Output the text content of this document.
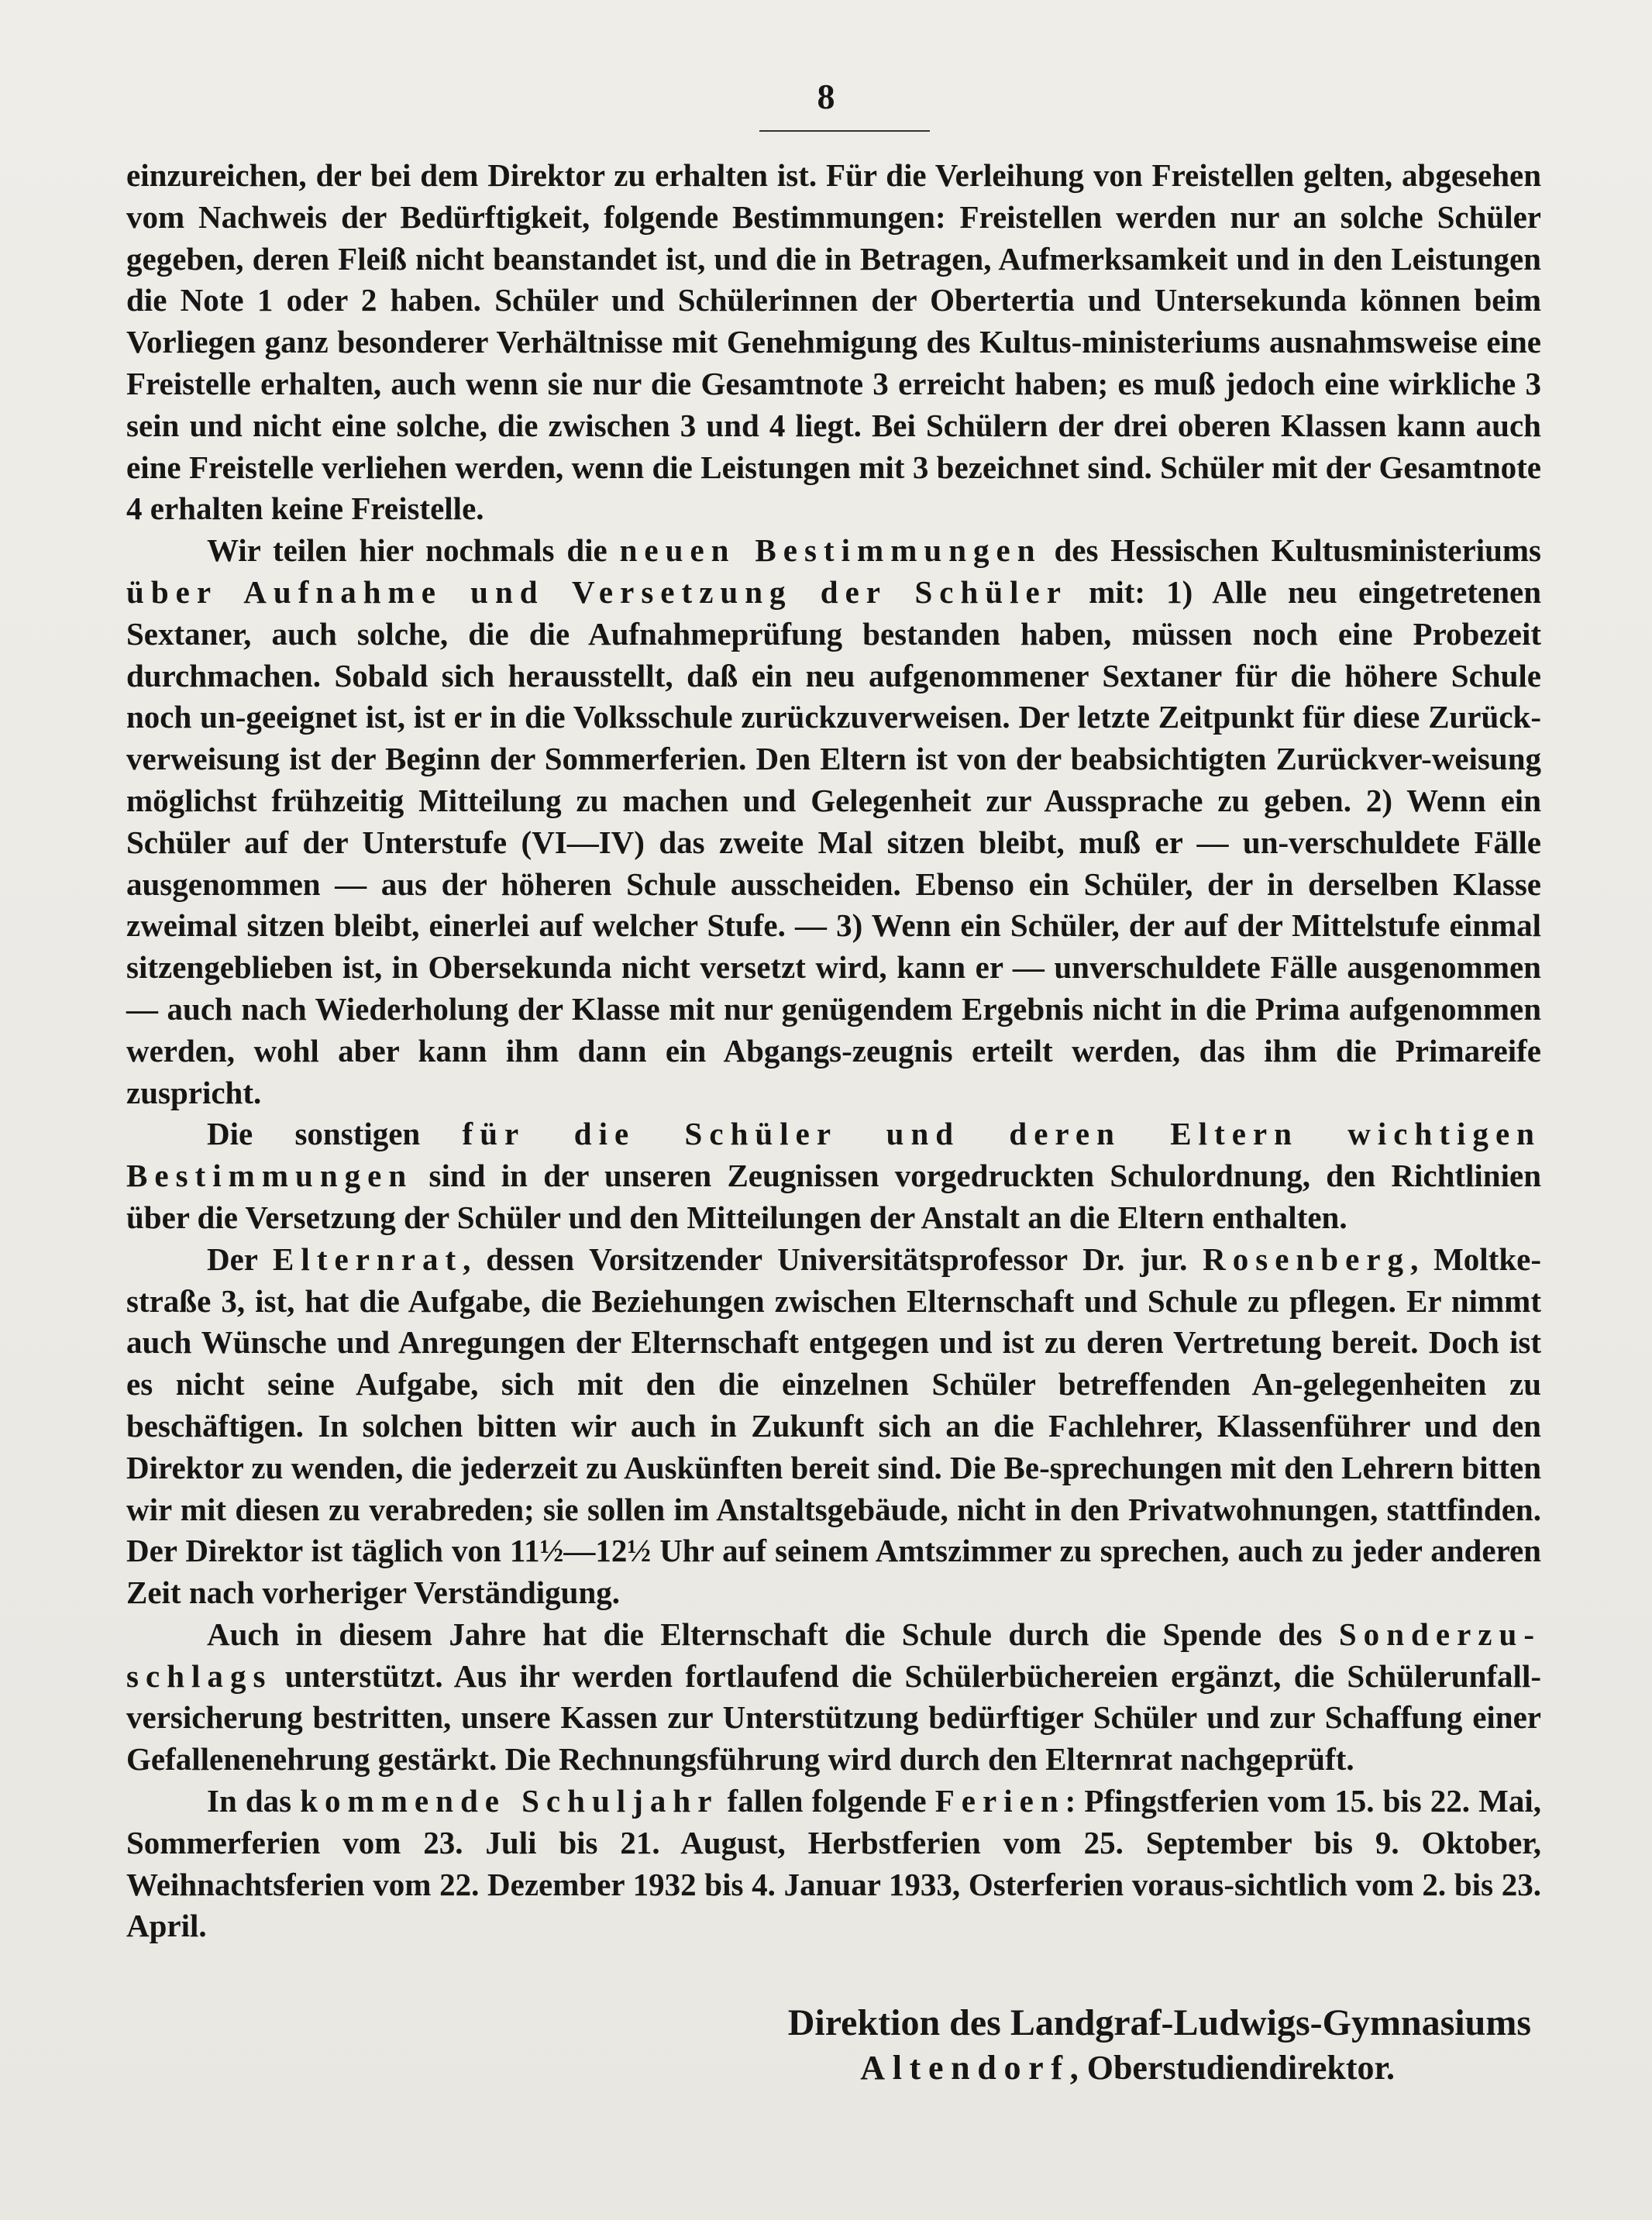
8

einzureichen, der bei dem Direktor zu erhalten ist. Für die Verleihung von Freistellen gelten, abgesehen vom Nachweis der Bedürftigkeit, folgende Bestimmungen: Freistellen werden nur an solche Schüler gegeben, deren Fleiß nicht beanstandet ist, und die in Betragen, Aufmerksamkeit und in den Leistungen die Note 1 oder 2 haben. Schüler und Schülerinnen der Obertertia und Untersekunda können beim Vorliegen ganz besonderer Verhältnisse mit Genehmigung des Kultus-ministeriums ausnahmsweise eine Freistelle erhalten, auch wenn sie nur die Gesamtnote 3 erreicht haben; es muß jedoch eine wirkliche 3 sein und nicht eine solche, die zwischen 3 und 4 liegt. Bei Schülern der drei oberen Klassen kann auch eine Freistelle verliehen werden, wenn die Leistungen mit 3 bezeichnet sind. Schüler mit der Gesamtnote 4 erhalten keine Freistelle.

Wir teilen hier nochmals die neuen Bestimmungen des Hessischen Kultusministeriums über Aufnahme und Versetzung der Schüler mit: 1) Alle neu eingetretenen Sextaner, auch solche, die die Aufnahmeprüfung bestanden haben, müssen noch eine Probezeit durchmachen. Sobald sich herausstellt, daß ein neu aufgenommener Sextaner für die höhere Schule noch un-geeignet ist, ist er in die Volksschule zurückzuverweisen. Der letzte Zeitpunkt für diese Zurück-verweisung ist der Beginn der Sommerferien. Den Eltern ist von der beabsichtigten Zurückver-weisung möglichst frühzeitig Mitteilung zu machen und Gelegenheit zur Aussprache zu geben. 2) Wenn ein Schüler auf der Unterstufe (VI—IV) das zweite Mal sitzen bleibt, muß er — un-verschuldete Fälle ausgenommen — aus der höheren Schule ausscheiden. Ebenso ein Schüler, der in derselben Klasse zweimal sitzen bleibt, einerlei auf welcher Stufe. — 3) Wenn ein Schüler, der auf der Mittelstufe einmal sitzengeblieben ist, in Obersekunda nicht versetzt wird, kann er — unverschuldete Fälle ausgenommen — auch nach Wiederholung der Klasse mit nur genügendem Ergebnis nicht in die Prima aufgenommen werden, wohl aber kann ihm dann ein Abgangs-zeugnis erteilt werden, das ihm die Primareife zuspricht.

Die sonstigen für die Schüler und deren Eltern wichtigen Bestimmungen sind in der unseren Zeugnissen vorgedruckten Schulordnung, den Richtlinien über die Versetzung der Schüler und den Mitteilungen der Anstalt an die Eltern enthalten.

Der Elternrat, dessen Vorsitzender Universitätsprofessor Dr. jur. Rosenberg, Moltke-straße 3, ist, hat die Aufgabe, die Beziehungen zwischen Elternschaft und Schule zu pflegen. Er nimmt auch Wünsche und Anregungen der Elternschaft entgegen und ist zu deren Vertretung bereit. Doch ist es nicht seine Aufgabe, sich mit den die einzelnen Schüler betreffenden An-gelegenheiten zu beschäftigen. In solchen bitten wir auch in Zukunft sich an die Fachlehrer, Klassenführer und den Direktor zu wenden, die jederzeit zu Auskünften bereit sind. Die Be-sprechungen mit den Lehrern bitten wir mit diesen zu verabreden; sie sollen im Anstaltsgebäude, nicht in den Privatwohnungen, stattfinden. Der Direktor ist täglich von 11½—12½ Uhr auf seinem Amtszimmer zu sprechen, auch zu jeder anderen Zeit nach vorheriger Verständigung.

Auch in diesem Jahre hat die Elternschaft die Schule durch die Spende des Sonderzu-schlags unterstützt. Aus ihr werden fortlaufend die Schülerbüchereien ergänzt, die Schülerunfall-versicherung bestritten, unsere Kassen zur Unterstützung bedürftiger Schüler und zur Schaffung einer Gefallenenehrung gestärkt. Die Rechnungsführung wird durch den Elternrat nachgeprüft.

In das kommende Schuljahr fallen folgende Ferien: Pfingstferien vom 15. bis 22. Mai, Sommerferien vom 23. Juli bis 21. August, Herbstferien vom 25. September bis 9. Oktober, Weihnachtsferien vom 22. Dezember 1932 bis 4. Januar 1933, Osterferien voraus-sichtlich vom 2. bis 23. April.

Direktion des Landgraf-Ludwigs-Gymnasiums
Altendorf, Oberstudiendirektor.
